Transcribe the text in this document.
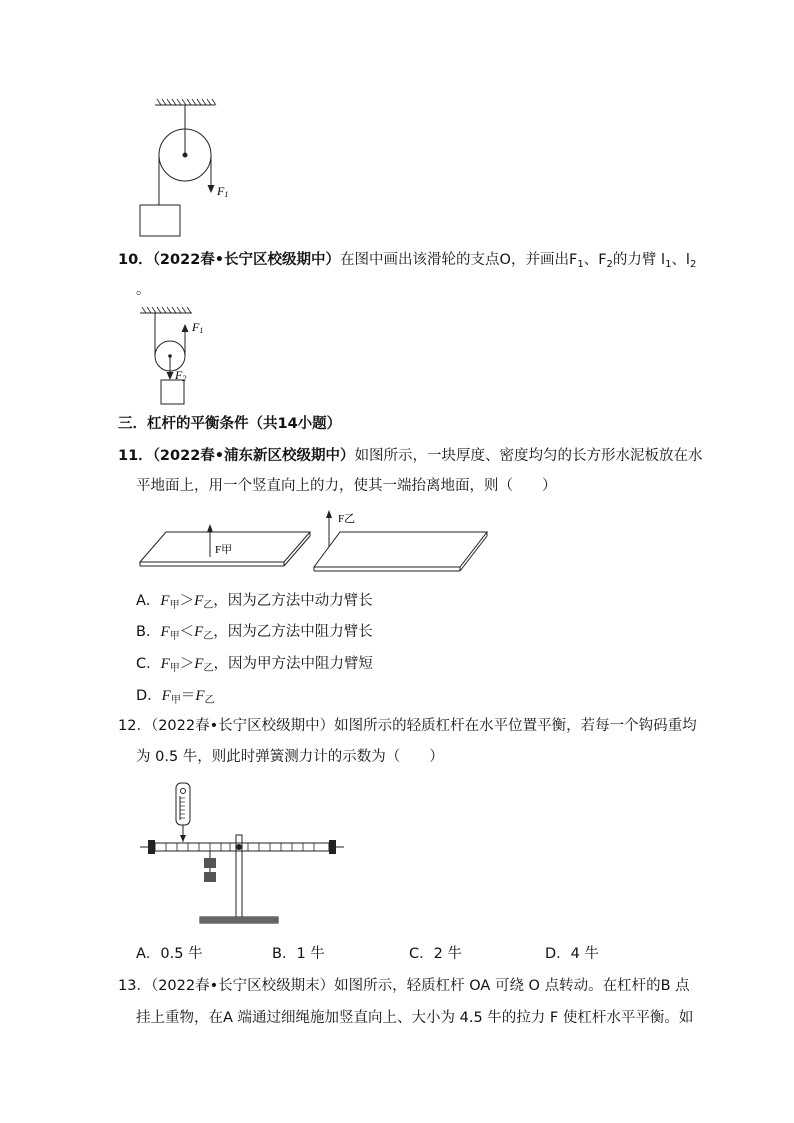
F1
10．（2022春•长宁区校级期中）在图中画出该滑轮的支点O，并画出$F_1$、$F_2$的力臂 $l_1$、$l_2$
。
F1
F2
三．杠杆的平衡条件（共14小题）
11．（2022春•浦东新区校级期中）如图所示，一块厚度、密度均匀的长方形水泥板放在水
平地面上，用一个竖直向上的力，使其一端抬离地面，则（　　）
F甲
F乙
A．$F_甲>F_乙$，因为乙方法中动力臂长
B．$F_甲<F_乙$，因为乙方法中阻力臂长
C．$F_甲>F_乙$，因为甲方法中阻力臂短
D．$F_甲=F_乙$
12．（2022春•长宁区校级期中）如图所示的轻质杠杆在水平位置平衡，若每一个钩码重均
为 0.5 牛，则此时弹簧测力计的示数为（　　）
A．0.5 牛	B．1 牛	C．2 牛	D．4 牛
13．（2022春•长宁区校级期末）如图所示，轻质杠杆 OA 可绕 O 点转动。在杠杆的B 点
挂上重物，在A 端通过细绳施加竖直向上、大小为 4.5 牛的拉力 F 使杠杆水平平衡。如
